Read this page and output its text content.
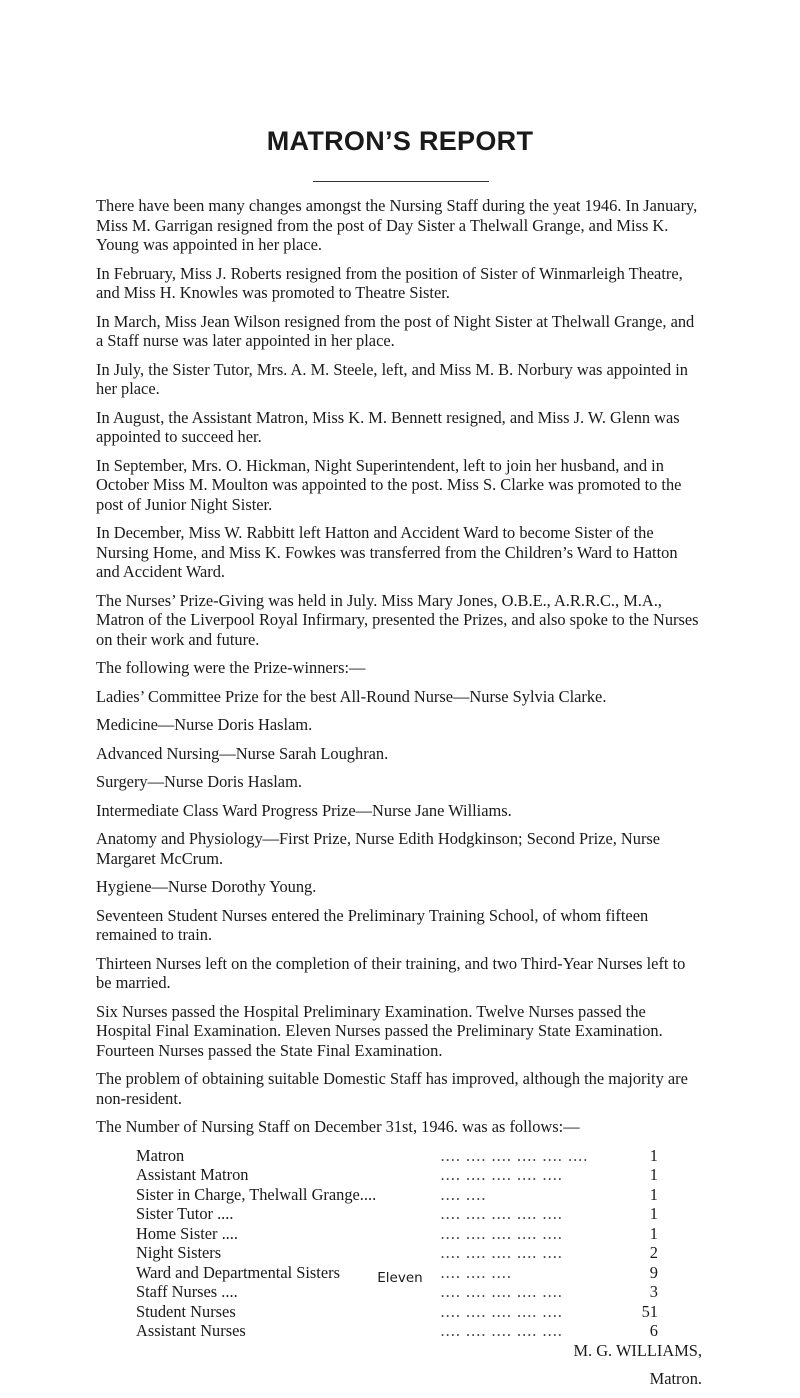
MATRON’S REPORT

There have been many changes amongst the Nursing Staff during the yeat 1946. In January, Miss M. Garrigan resigned from the post of Day Sister a Thelwall Grange, and Miss K. Young was appointed in her place.

In February, Miss J. Roberts resigned from the position of Sister of Winmarleigh Theatre, and Miss H. Knowles was promoted to Theatre Sister.

In March, Miss Jean Wilson resigned from the post of Night Sister at Thelwall Grange, and a Staff nurse was later appointed in her place.

In July, the Sister Tutor, Mrs. A. M. Steele, left, and Miss M. B. Norbury was appointed in her place.

In August, the Assistant Matron, Miss K. M. Bennett resigned, and Miss J. W. Glenn was appointed to succeed her.

In September, Mrs. O. Hickman, Night Superintendent, left to join her husband, and in October Miss M. Moulton was appointed to the post. Miss S. Clarke was promoted to the post of Junior Night Sister.

In December, Miss W. Rabbitt left Hatton and Accident Ward to become Sister of the Nursing Home, and Miss K. Fowkes was transferred from the Children’s Ward to Hatton and Accident Ward.

The Nurses’ Prize-Giving was held in July. Miss Mary Jones, O.B.E., A.R.R.C., M.A., Matron of the Liverpool Royal Infirmary, presented the Prizes, and also spoke to the Nurses on their work and future.

The following were the Prize-winners:—

Ladies’ Committee Prize for the best All-Round Nurse—Nurse Sylvia Clarke.

Medicine—Nurse Doris Haslam.

Advanced Nursing—Nurse Sarah Loughran.

Surgery—Nurse Doris Haslam.

Intermediate Class Ward Progress Prize—Nurse Jane Williams.

Anatomy and Physiology—First Prize, Nurse Edith Hodgkinson; Second Prize, Nurse Margaret McCrum.

Hygiene—Nurse Dorothy Young.

Seventeen Student Nurses entered the Preliminary Training School, of whom fifteen remained to train.

Thirteen Nurses left on the completion of their training, and two Third-Year Nurses left to be married.

Six Nurses passed the Hospital Preliminary Examination. Twelve Nurses passed the Hospital Final Examination. Eleven Nurses passed the Preliminary State Examination. Fourteen Nurses passed the State Final Examination.

The problem of obtaining suitable Domestic Staff has improved, although the majority are non-resident.

The Number of Nursing Staff on December 31st, 1946. was as follows:—

Matron	.... .... .... .... .... ....	1
Assistant Matron	.... .... .... .... ....	1
Sister in Charge, Thelwall Grange....	.... ....	1
Sister Tutor ....	.... .... .... .... ....	1
Home Sister ....	.... .... .... .... ....	1
Night Sisters	.... .... .... .... ....	2
Ward and Departmental Sisters	.... .... ....	9
Staff Nurses ....	.... .... .... .... ....	3
Student Nurses	.... .... .... .... ....	51
Assistant Nurses	.... .... .... .... ....	6

M. G. WILLIAMS,

Matron.

Eleven
